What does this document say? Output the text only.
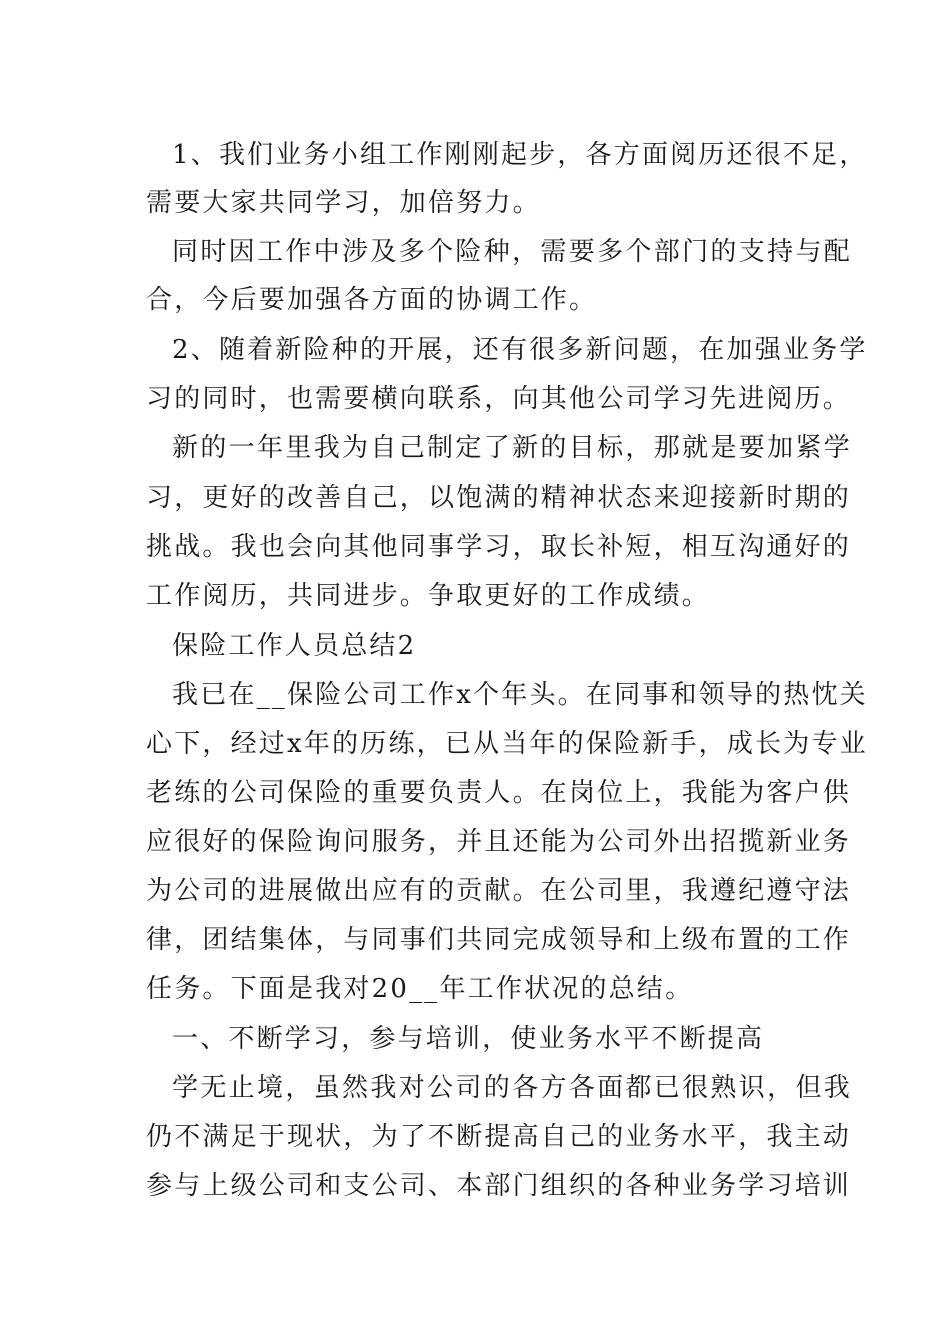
1、我们业务小组工作刚刚起步，各方面阅历还很不足，
需要大家共同学习，加倍努力。
同时因工作中涉及多个险种，需要多个部门的支持与配
合，今后要加强各方面的协调工作。
2、随着新险种的开展，还有很多新问题，在加强业务学
习的同时，也需要横向联系，向其他公司学习先进阅历。
新的一年里我为自己制定了新的目标，那就是要加紧学
习，更好的改善自己，以饱满的精神状态来迎接新时期的
挑战。我也会向其他同事学习，取长补短，相互沟通好的
工作阅历，共同进步。争取更好的工作成绩。
保险工作人员总结2
我已在__保险公司工作x个年头。在同事和领导的热忱关
心下，经过x年的历练，已从当年的保险新手，成长为专业
老练的公司保险的重要负责人。在岗位上，我能为客户供
应很好的保险询问服务，并且还能为公司外出招揽新业务
为公司的进展做出应有的贡献。在公司里，我遵纪遵守法
律，团结集体，与同事们共同完成领导和上级布置的工作
任务。下面是我对20__年工作状况的总结。
一、不断学习，参与培训，使业务水平不断提高
学无止境，虽然我对公司的各方各面都已很熟识，但我
仍不满足于现状，为了不断提高自己的业务水平，我主动
参与上级公司和支公司、本部门组织的各种业务学习培训
